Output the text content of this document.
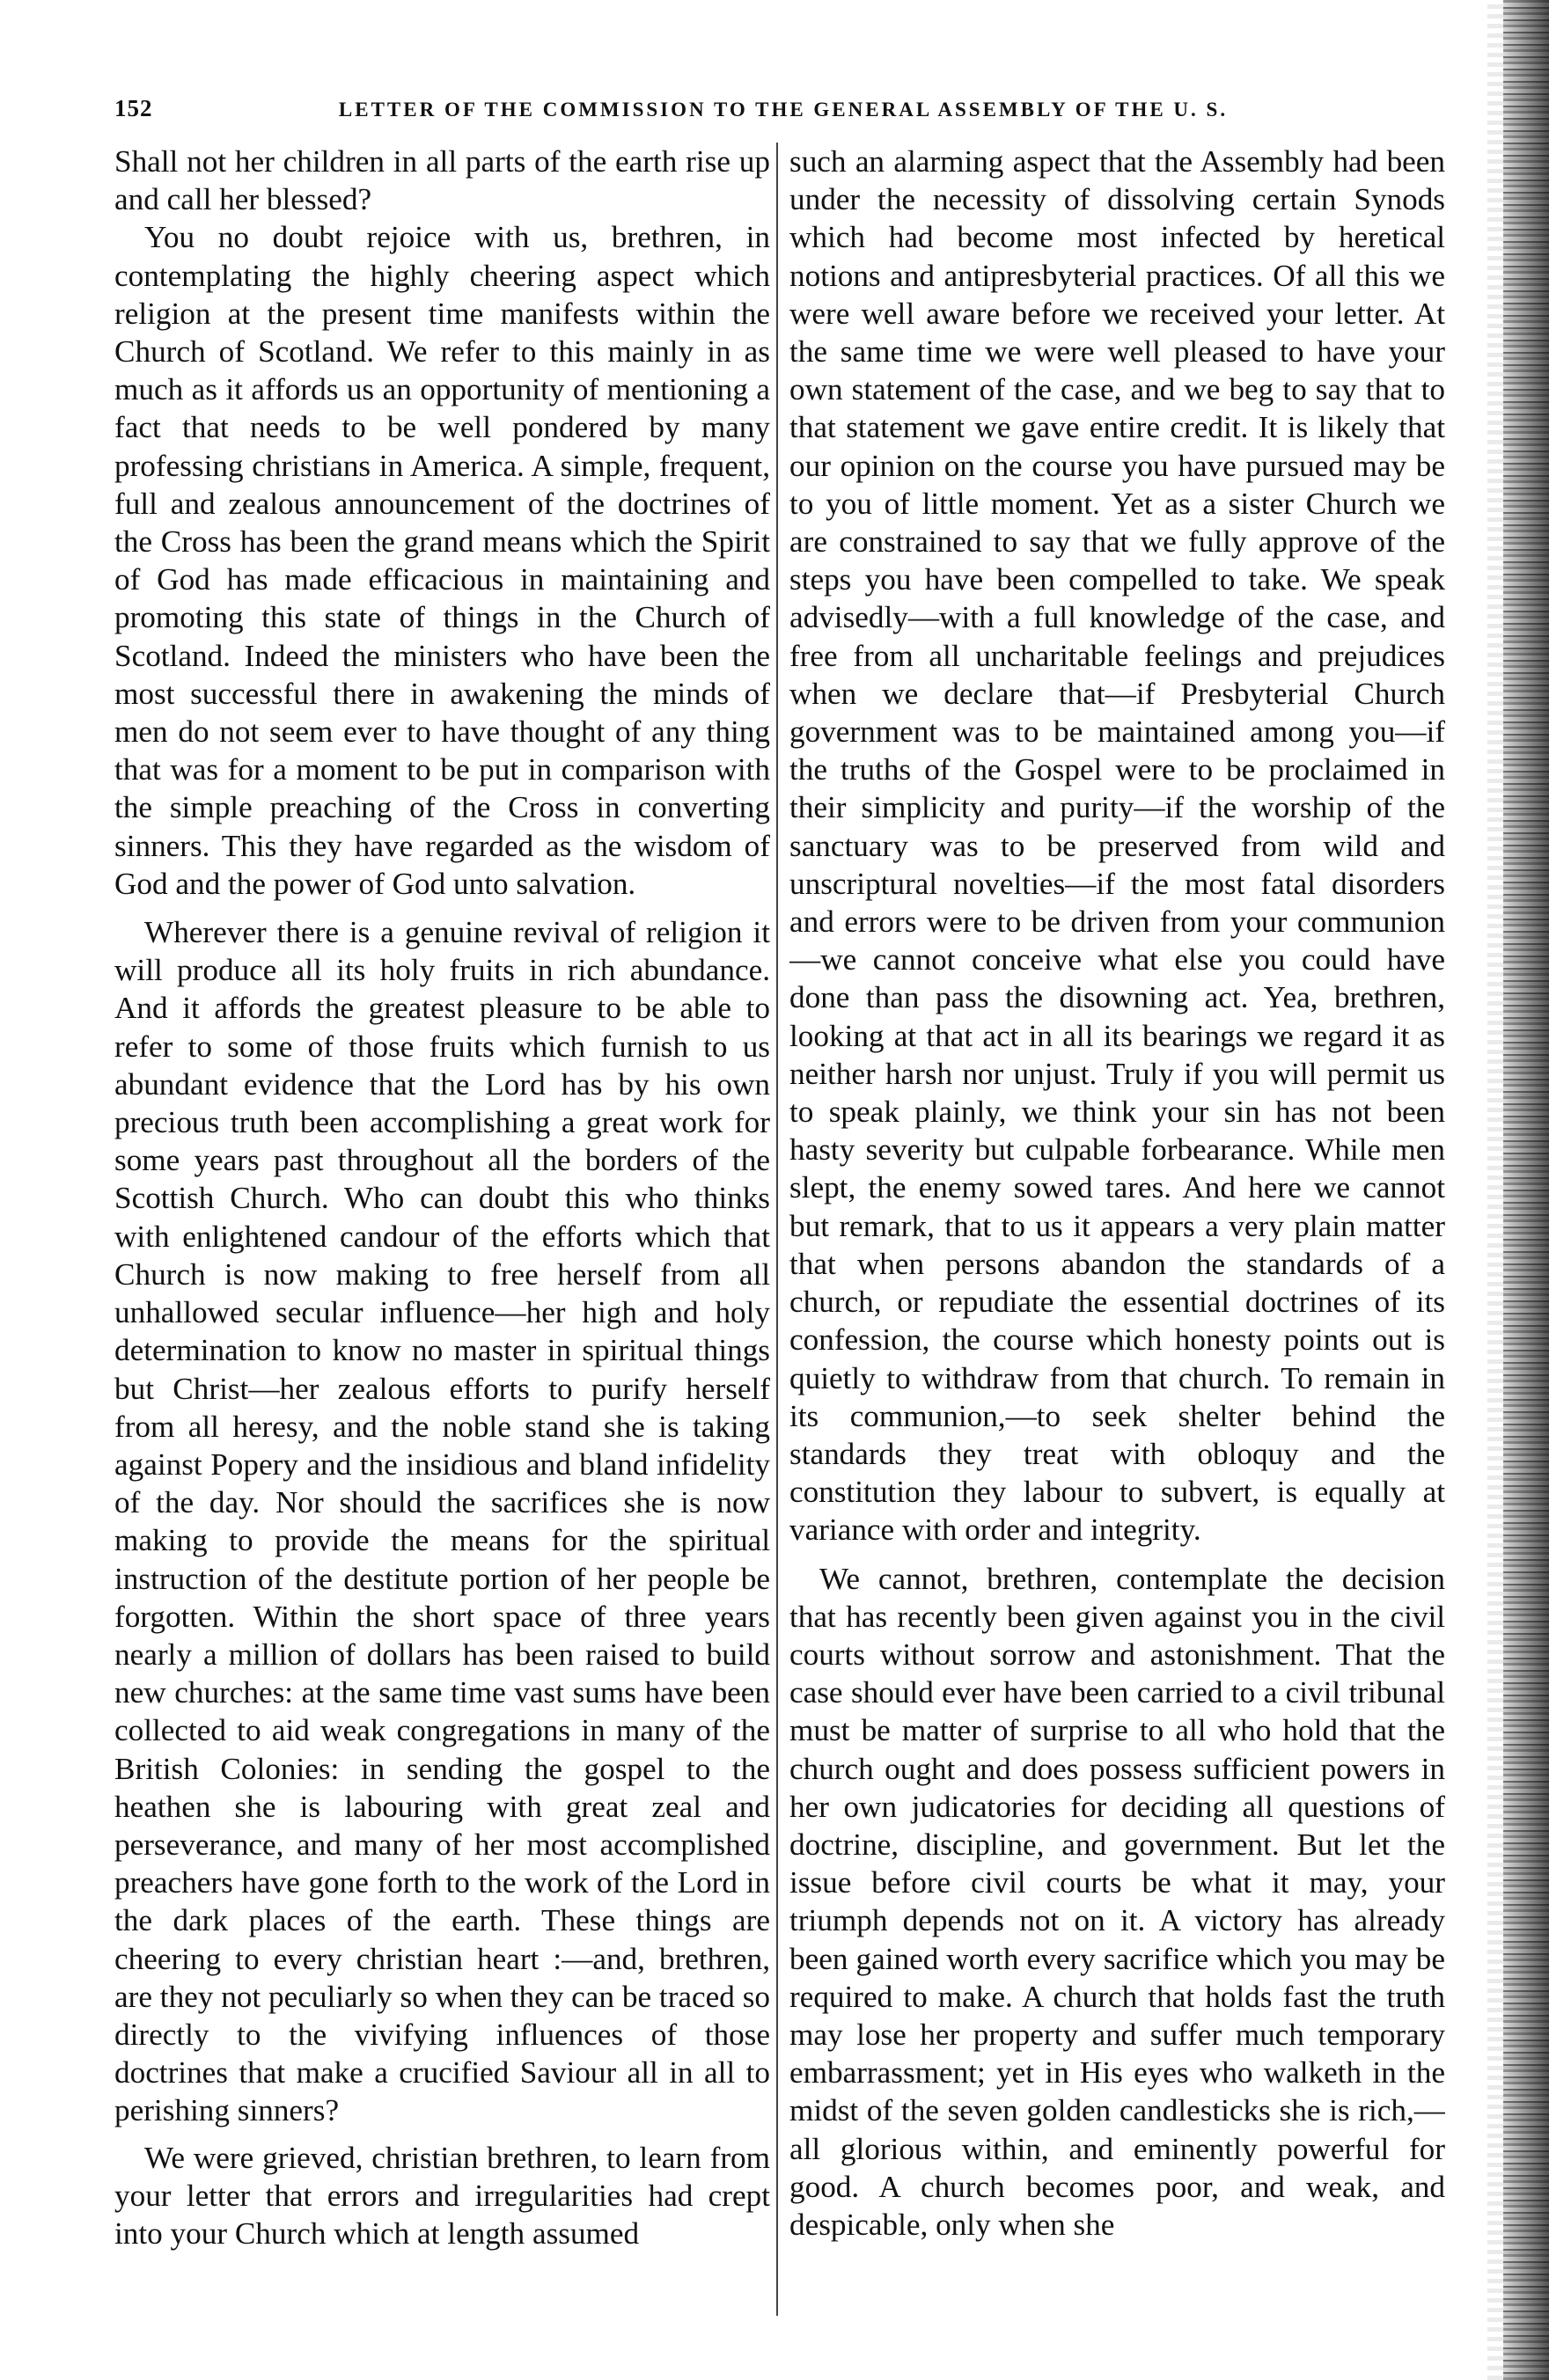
152	LETTER OF THE COMMISSION TO THE GENERAL ASSEMBLY OF THE U. S.

Shall not her children in all parts of the earth rise up and call her blessed?

You no doubt rejoice with us, brethren, in contemplating the highly cheering aspect which religion at the present time manifests within the Church of Scotland. We refer to this mainly in as much as it affords us an opportunity of mentioning a fact that needs to be well pondered by many professing christians in America. A simple, frequent, full and zealous announcement of the doctrines of the Cross has been the grand means which the Spirit of God has made efficacious in maintaining and promoting this state of things in the Church of Scotland. Indeed the ministers who have been the most successful there in awakening the minds of men do not seem ever to have thought of any thing that was for a moment to be put in comparison with the simple preaching of the Cross in converting sinners. This they have regarded as the wisdom of God and the power of God unto salvation.

Wherever there is a genuine revival of religion it will produce all its holy fruits in rich abundance. And it affords the greatest pleasure to be able to refer to some of those fruits which furnish to us abundant evidence that the Lord has by his own precious truth been accomplishing a great work for some years past throughout all the borders of the Scottish Church. Who can doubt this who thinks with enlightened candour of the efforts which that Church is now making to free herself from all unhallowed secular influence—her high and holy determination to know no master in spiritual things but Christ—her zealous efforts to purify herself from all heresy, and the noble stand she is taking against Popery and the insidious and bland infidelity of the day. Nor should the sacrifices she is now making to provide the means for the spiritual instruction of the destitute portion of her people be forgotten. Within the short space of three years nearly a million of dollars has been raised to build new churches: at the same time vast sums have been collected to aid weak congregations in many of the British Colonies: in sending the gospel to the heathen she is labouring with great zeal and perseverance, and many of her most accomplished preachers have gone forth to the work of the Lord in the dark places of the earth. These things are cheering to every christian heart :—and, brethren, are they not peculiarly so when they can be traced so directly to the vivifying influences of those doctrines that make a crucified Saviour all in all to perishing sinners?

We were grieved, christian brethren, to learn from your letter that errors and irregularities had crept into your Church which at length assumed

such an alarming aspect that the Assembly had been under the necessity of dissolving certain Synods which had become most infected by heretical notions and antipresbyterial practices. Of all this we were well aware before we received your letter. At the same time we were well pleased to have your own statement of the case, and we beg to say that to that statement we gave entire credit. It is likely that our opinion on the course you have pursued may be to you of little moment. Yet as a sister Church we are constrained to say that we fully approve of the steps you have been compelled to take. We speak advisedly—with a full knowledge of the case, and free from all uncharitable feelings and prejudices when we declare that—if Presbyterial Church government was to be maintained among you—if the truths of the Gospel were to be proclaimed in their simplicity and purity—if the worship of the sanctuary was to be preserved from wild and unscriptural novelties—if the most fatal disorders and errors were to be driven from your communion—we cannot conceive what else you could have done than pass the disowning act. Yea, brethren, looking at that act in all its bearings we regard it as neither harsh nor unjust. Truly if you will permit us to speak plainly, we think your sin has not been hasty severity but culpable forbearance. While men slept, the enemy sowed tares. And here we cannot but remark, that to us it appears a very plain matter that when persons abandon the standards of a church, or repudiate the essential doctrines of its confession, the course which honesty points out is quietly to withdraw from that church. To remain in its communion,—to seek shelter behind the standards they treat with obloquy and the constitution they labour to subvert, is equally at variance with order and integrity.

We cannot, brethren, contemplate the decision that has recently been given against you in the civil courts without sorrow and astonishment. That the case should ever have been carried to a civil tribunal must be matter of surprise to all who hold that the church ought and does possess sufficient powers in her own judicatories for deciding all questions of doctrine, discipline, and government. But let the issue before civil courts be what it may, your triumph depends not on it. A victory has already been gained worth every sacrifice which you may be required to make. A church that holds fast the truth may lose her property and suffer much temporary embarrassment; yet in His eyes who walketh in the midst of the seven golden candlesticks she is rich,—all glorious within, and eminently powerful for good. A church becomes poor, and weak, and despicable, only when she
